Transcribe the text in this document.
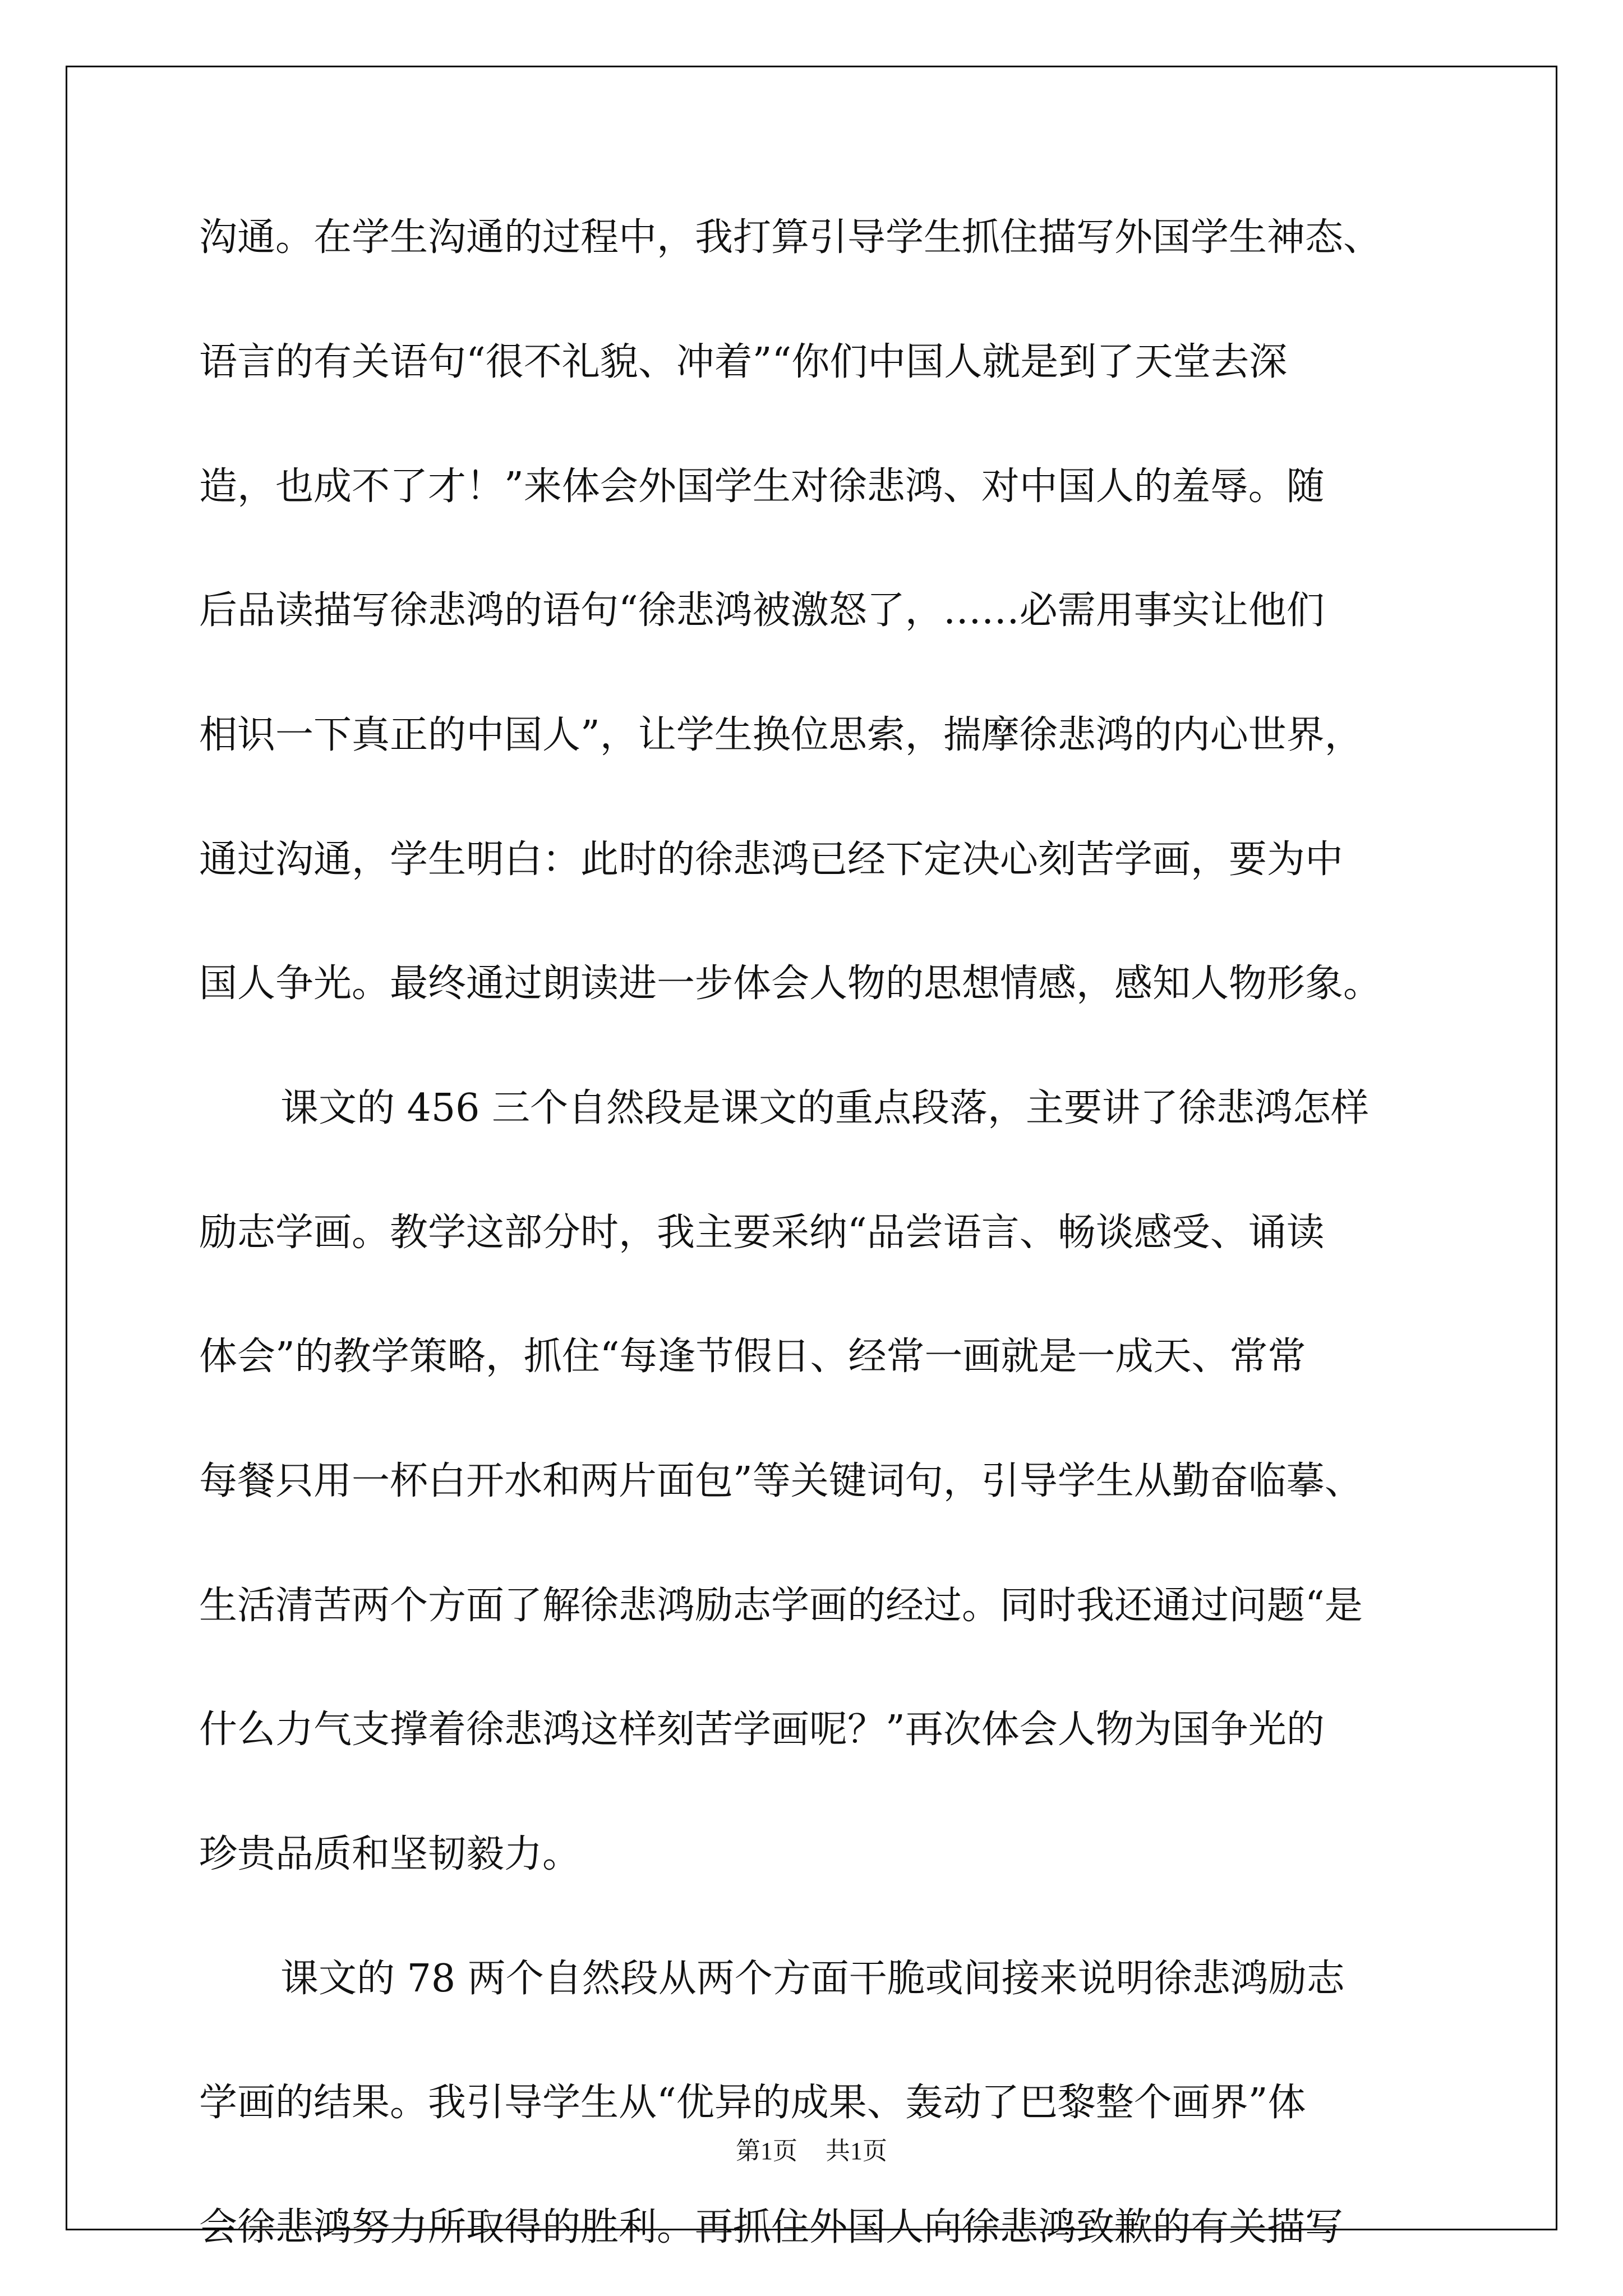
沟通。在学生沟通的过程中，我打算引导学生抓住描写外国学生神态、
语言的有关语句“很不礼貌、冲着”“你们中国人就是到了天堂去深
造，也成不了才！”来体会外国学生对徐悲鸿、对中国人的羞辱。随
后品读描写徐悲鸿的语句“徐悲鸿被激怒了，……必需用事实让他们
相识一下真正的中国人”，让学生换位思索，揣摩徐悲鸿的内心世界，
通过沟通，学生明白：此时的徐悲鸿已经下定决心刻苦学画，要为中
国人争光。最终通过朗读进一步体会人物的思想情感，感知人物形象。
课文的 456 三个自然段是课文的重点段落，主要讲了徐悲鸿怎样
励志学画。教学这部分时，我主要采纳“品尝语言、畅谈感受、诵读
体会”的教学策略，抓住“每逢节假日、经常一画就是一成天、常常
每餐只用一杯白开水和两片面包”等关键词句，引导学生从勤奋临摹、
生活清苦两个方面了解徐悲鸿励志学画的经过。同时我还通过问题“是
什么力气支撑着徐悲鸿这样刻苦学画呢？”再次体会人物为国争光的
珍贵品质和坚韧毅力。
课文的 78 两个自然段从两个方面干脆或间接来说明徐悲鸿励志
学画的结果。我引导学生从“优异的成果、轰动了巴黎整个画界”体
会徐悲鸿努力所取得的胜利。再抓住外国人向徐悲鸿致歉的有关描写
第1页 共1页
